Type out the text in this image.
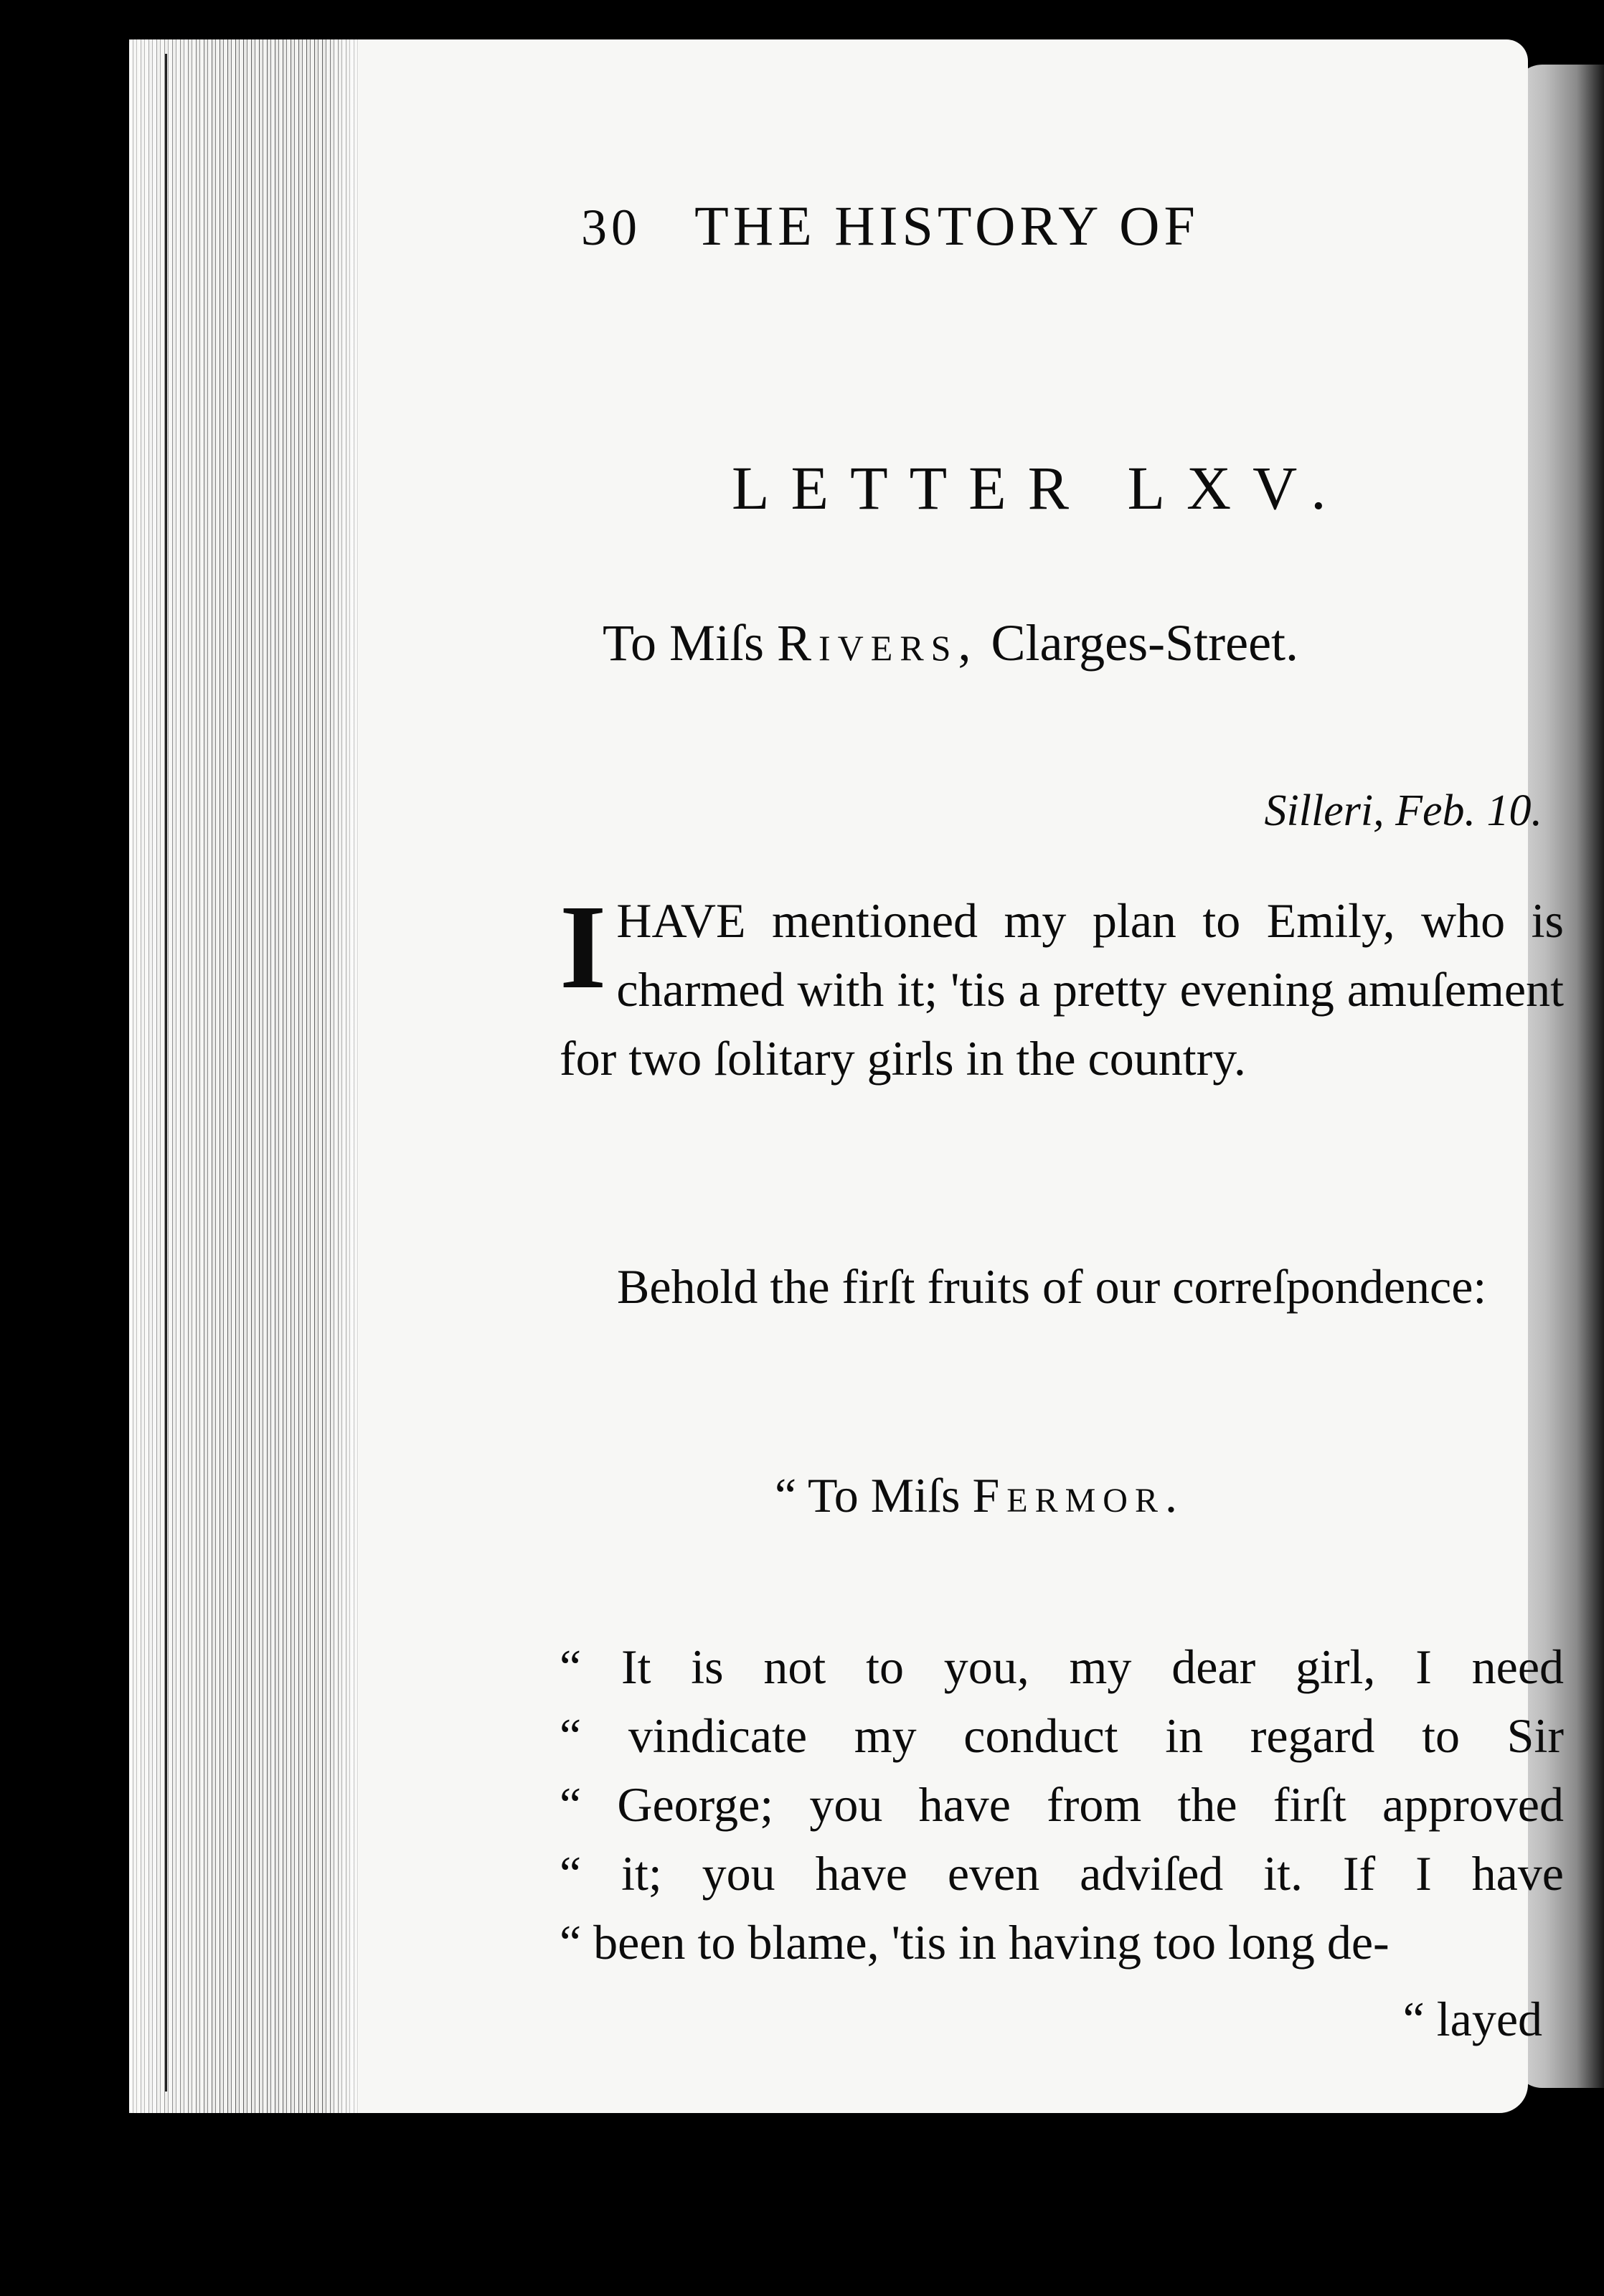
30 THE HISTORY OF
LETTER LXV.
To Miſs Rivers, Clarges-Street.
Silleri, Feb. 10.
I HAVE mentioned my plan to Emily, who is charmed with it; 'tis a pretty evening amuſement for two ſolitary girls in the country.
Behold the firſt fruits of our correſpondence:
“ To Miſs Fermor.
“ It is not to you, my dear girl, I need
“ vindicate my conduct in regard to Sir
“ George; you have from the firſt approved
“ it; you have even adviſed it. If I have
“ been to blame, 'tis in having too long de-
“ layed
